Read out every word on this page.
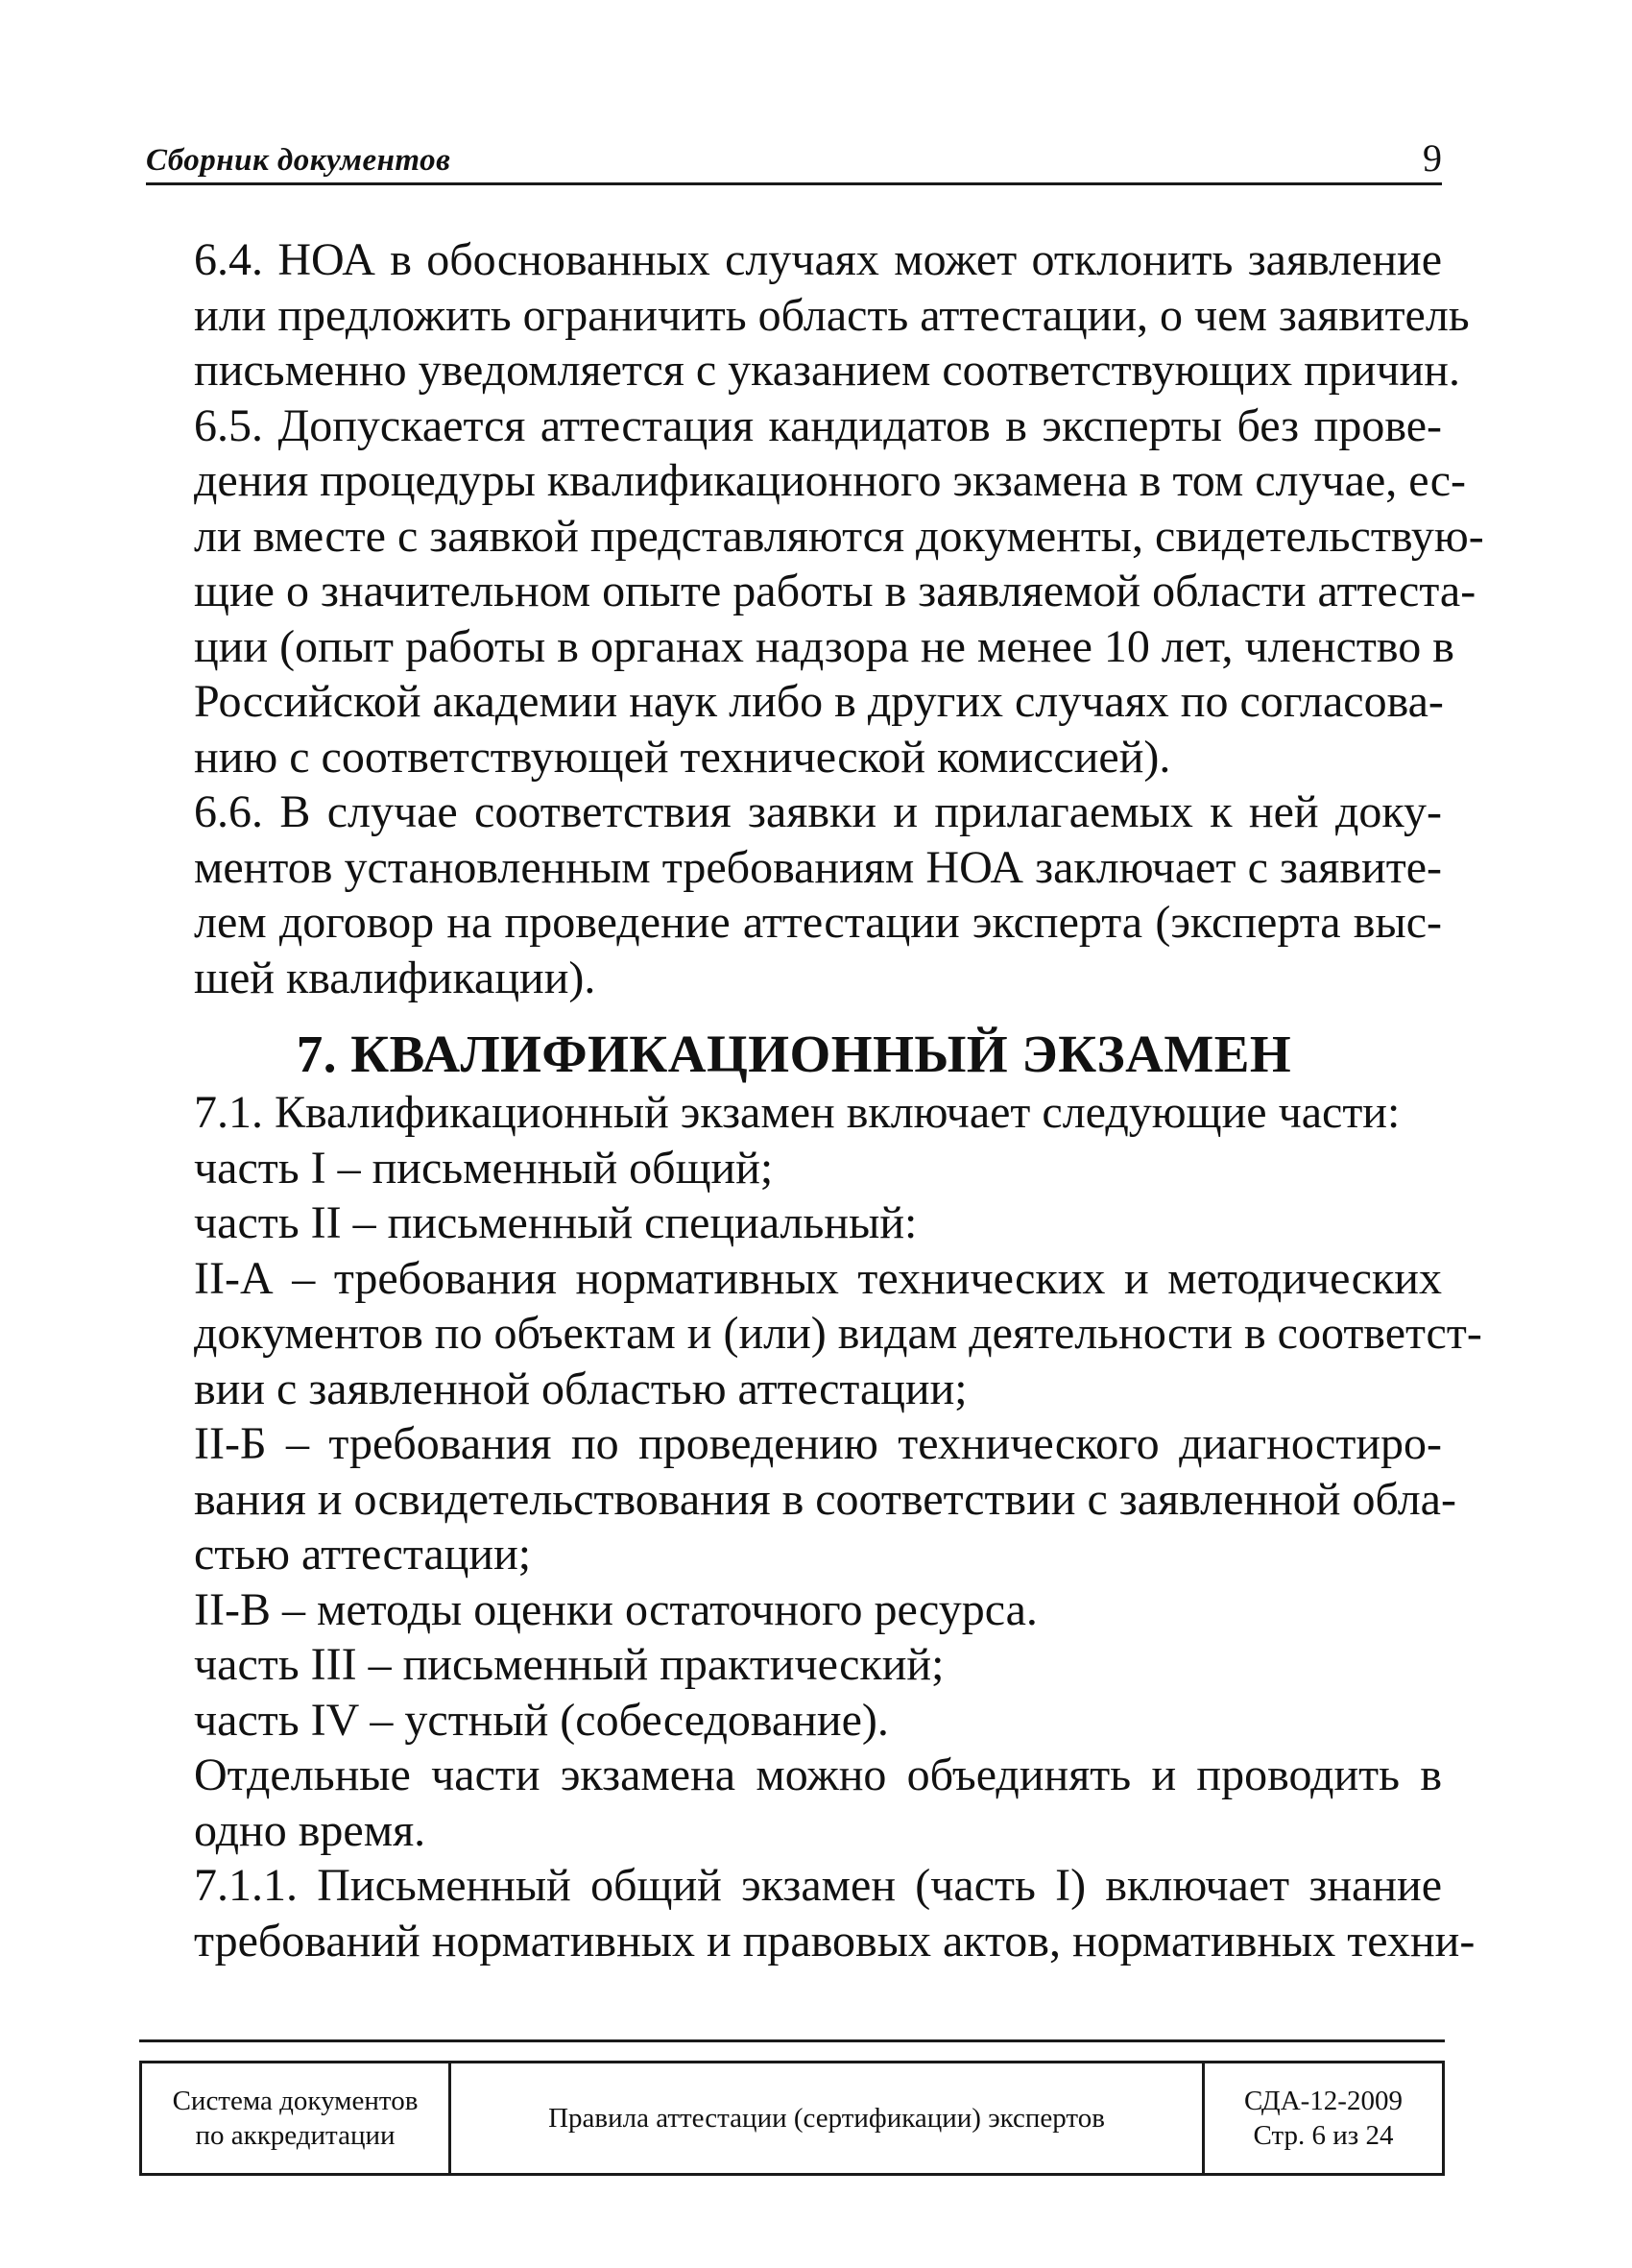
Сборник документов	9

6.4. НОА в обоснованных случаях может отклонить заявление
или предложить ограничить область аттестации, о чем заявитель
письменно уведомляется с указанием соответствующих причин.

6.5. Допускается аттестация кандидатов в эксперты без прове-
дения процедуры квалификационного экзамена в том случае, ес-
ли вместе с заявкой представляются документы, свидетельствую-
щие о значительном опыте работы в заявляемой области аттеста-
ции (опыт работы в органах надзора не менее 10 лет, членство в
Российской академии наук либо в других случаях по согласова-
нию с соответствующей технической комиссией).

6.6. В случае соответствия заявки и прилагаемых к ней доку-
ментов установленным требованиям НОА заключает с заявите-
лем договор на проведение аттестации эксперта (эксперта выс-
шей квалификации).

7. КВАЛИФИКАЦИОННЫЙ ЭКЗАМЕН

7.1. Квалификационный экзамен включает следующие части:

часть I – письменный общий;

часть II – письменный специальный:

II-А – требования нормативных технических и методических
документов по объектам и (или) видам деятельности в соответст-
вии с заявленной областью аттестации;

II-Б – требования по проведению технического диагностиро-
вания и освидетельствования в соответствии с заявленной обла-
стью аттестации;

II-В – методы оценки остаточного ресурса.

часть III – письменный практический;

часть IV – устный (собеседование).

Отдельные части экзамена можно объединять и проводить в
одно время.

7.1.1. Письменный общий экзамен (часть I) включает знание
требований нормативных и правовых актов, нормативных техни-

Система документов
по аккредитации
Правила аттестации (сертификации) экспертов
СДА-12-2009
Стр. 6 из 24
